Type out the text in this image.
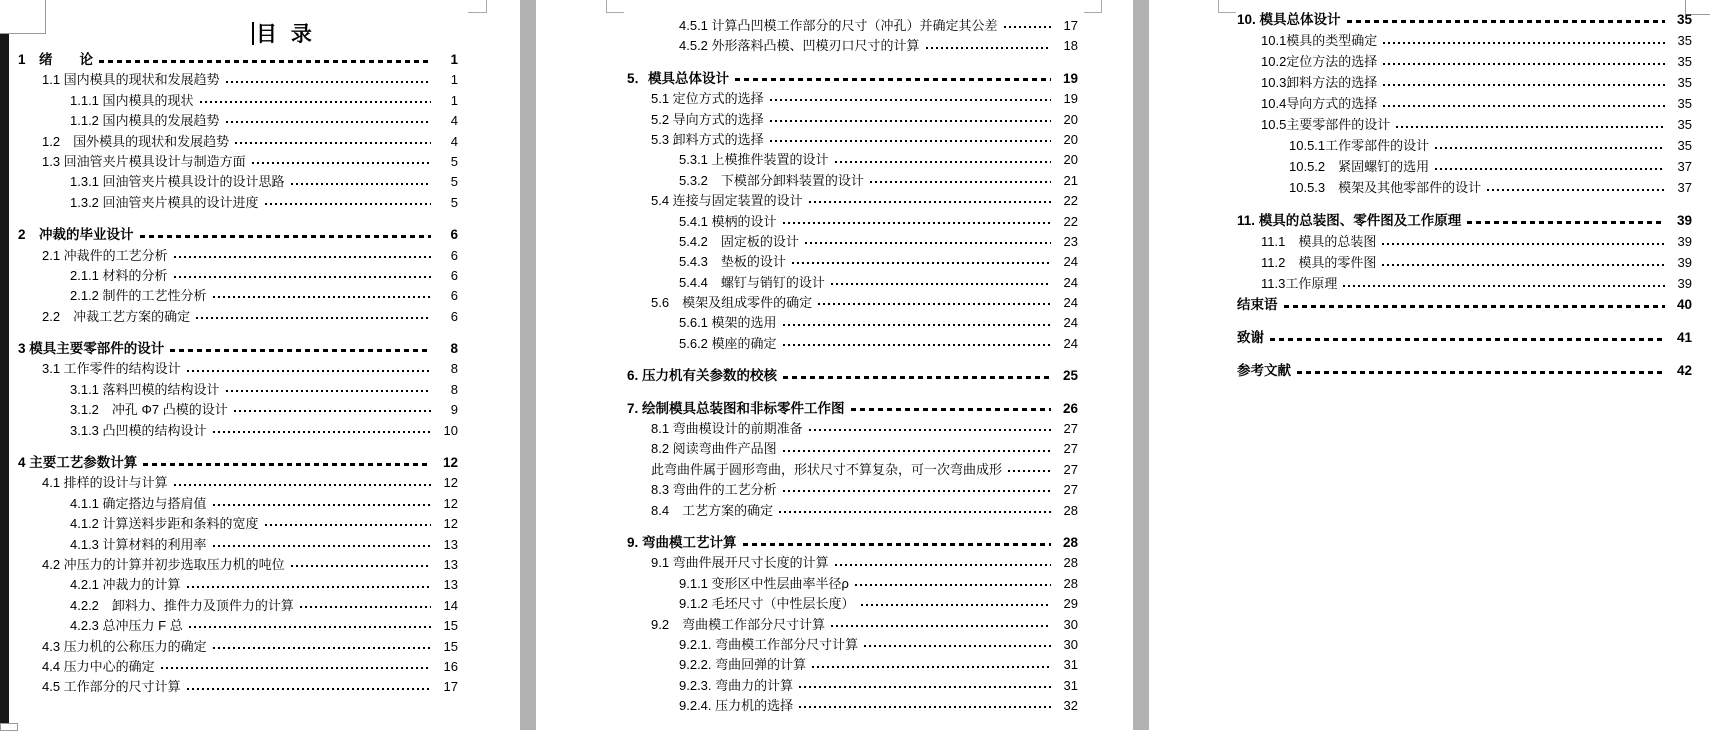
目 录
1　绪　　论	1
1.1 国内模具的现状和发展趋势	1
1.1.1 国内模具的现状	1
1.1.2 国内模具的发展趋势	4
1.2　国外模具的现状和发展趋势	4
1.3 回油管夹片模具设计与制造方面	5
1.3.1 回油管夹片模具设计的设计思路	5
1.3.2 回油管夹片模具的设计进度	5
2　冲裁的毕业设计	6
2.1 冲裁件的工艺分析	6
2.1.1 材料的分析	6
2.1.2 制件的工艺性分析	6
2.2　冲裁工艺方案的确定	6
3 模具主要零部件的设计	8
3.1 工作零件的结构设计	8
3.1.1 落料凹模的结构设计	8
3.1.2　冲孔 Φ7 凸模的设计	9
3.1.3 凸凹模的结构设计	10
4 主要工艺参数计算	12
4.1 排样的设计与计算	12
4.1.1 确定搭边与搭肩值	12
4.1.2 计算送料步距和条料的宽度	12
4.1.3 计算材料的利用率	13
4.2 冲压力的计算并初步选取压力机的吨位	13
4.2.1 冲裁力的计算	13
4.2.2　卸料力、推件力及顶件力的计算	14
4.2.3 总冲压力 F 总	15
4.3 压力机的公称压力的确定	15
4.4 压力中心的确定	16
4.5 工作部分的尺寸计算	17
4.5.1 计算凸凹模工作部分的尺寸（冲孔）并确定其公差	17
4.5.2 外形落料凸模、凹模刃口尺寸的计算	18
5．模具总体设计	19
5.1 定位方式的选择	19
5.2 导向方式的选择	20
5.3 卸料方式的选择	20
5.3.1 上模推件装置的设计	20
5.3.2　下模部分卸料装置的设计	21
5.4 连接与固定装置的设计	22
5.4.1 模柄的设计	22
5.4.2　固定板的设计	23
5.4.3　垫板的设计	24
5.4.4　螺钉与销钉的设计	24
5.6　模架及组成零件的确定	24
5.6.1 模架的选用	24
5.6.2 模座的确定	24
6. 压力机有关参数的校核	25
7. 绘制模具总装图和非标零件工作图	26
8.1 弯曲模设计的前期准备	27
8.2 阅读弯曲件产品图	27
此弯曲件属于圆形弯曲，形状尺寸不算复杂，可一次弯曲成形	27
8.3 弯曲件的工艺分析	27
8.4　工艺方案的确定	28
9. 弯曲模工艺计算	28
9.1 弯曲件展开尺寸长度的计算	28
9.1.1 变形区中性层曲率半径ρ	28
9.1.2 毛坯尺寸（中性层长度）	29
9.2　弯曲模工作部分尺寸计算	30
9.2.1. 弯曲模工作部分尺寸计算	30
9.2.2. 弯曲回弹的计算	31
9.2.3. 弯曲力的计算	31
9.2.4. 压力机的选择	32
10. 模具总体设计	35
10.1模具的类型确定	35
10.2定位方法的选择	35
10.3卸料方法的选择	35
10.4导向方式的选择	35
10.5主要零部件的设计	35
10.5.1工作零部件的设计	35
10.5.2　紧固螺钉的选用	37
10.5.3　模架及其他零部件的设计	37
11. 模具的总装图、零件图及工作原理	39
11.1　模具的总装图	39
11.2　模具的零件图	39
11.3工作原理	39
结束语	40
致谢	41
参考文献	42
